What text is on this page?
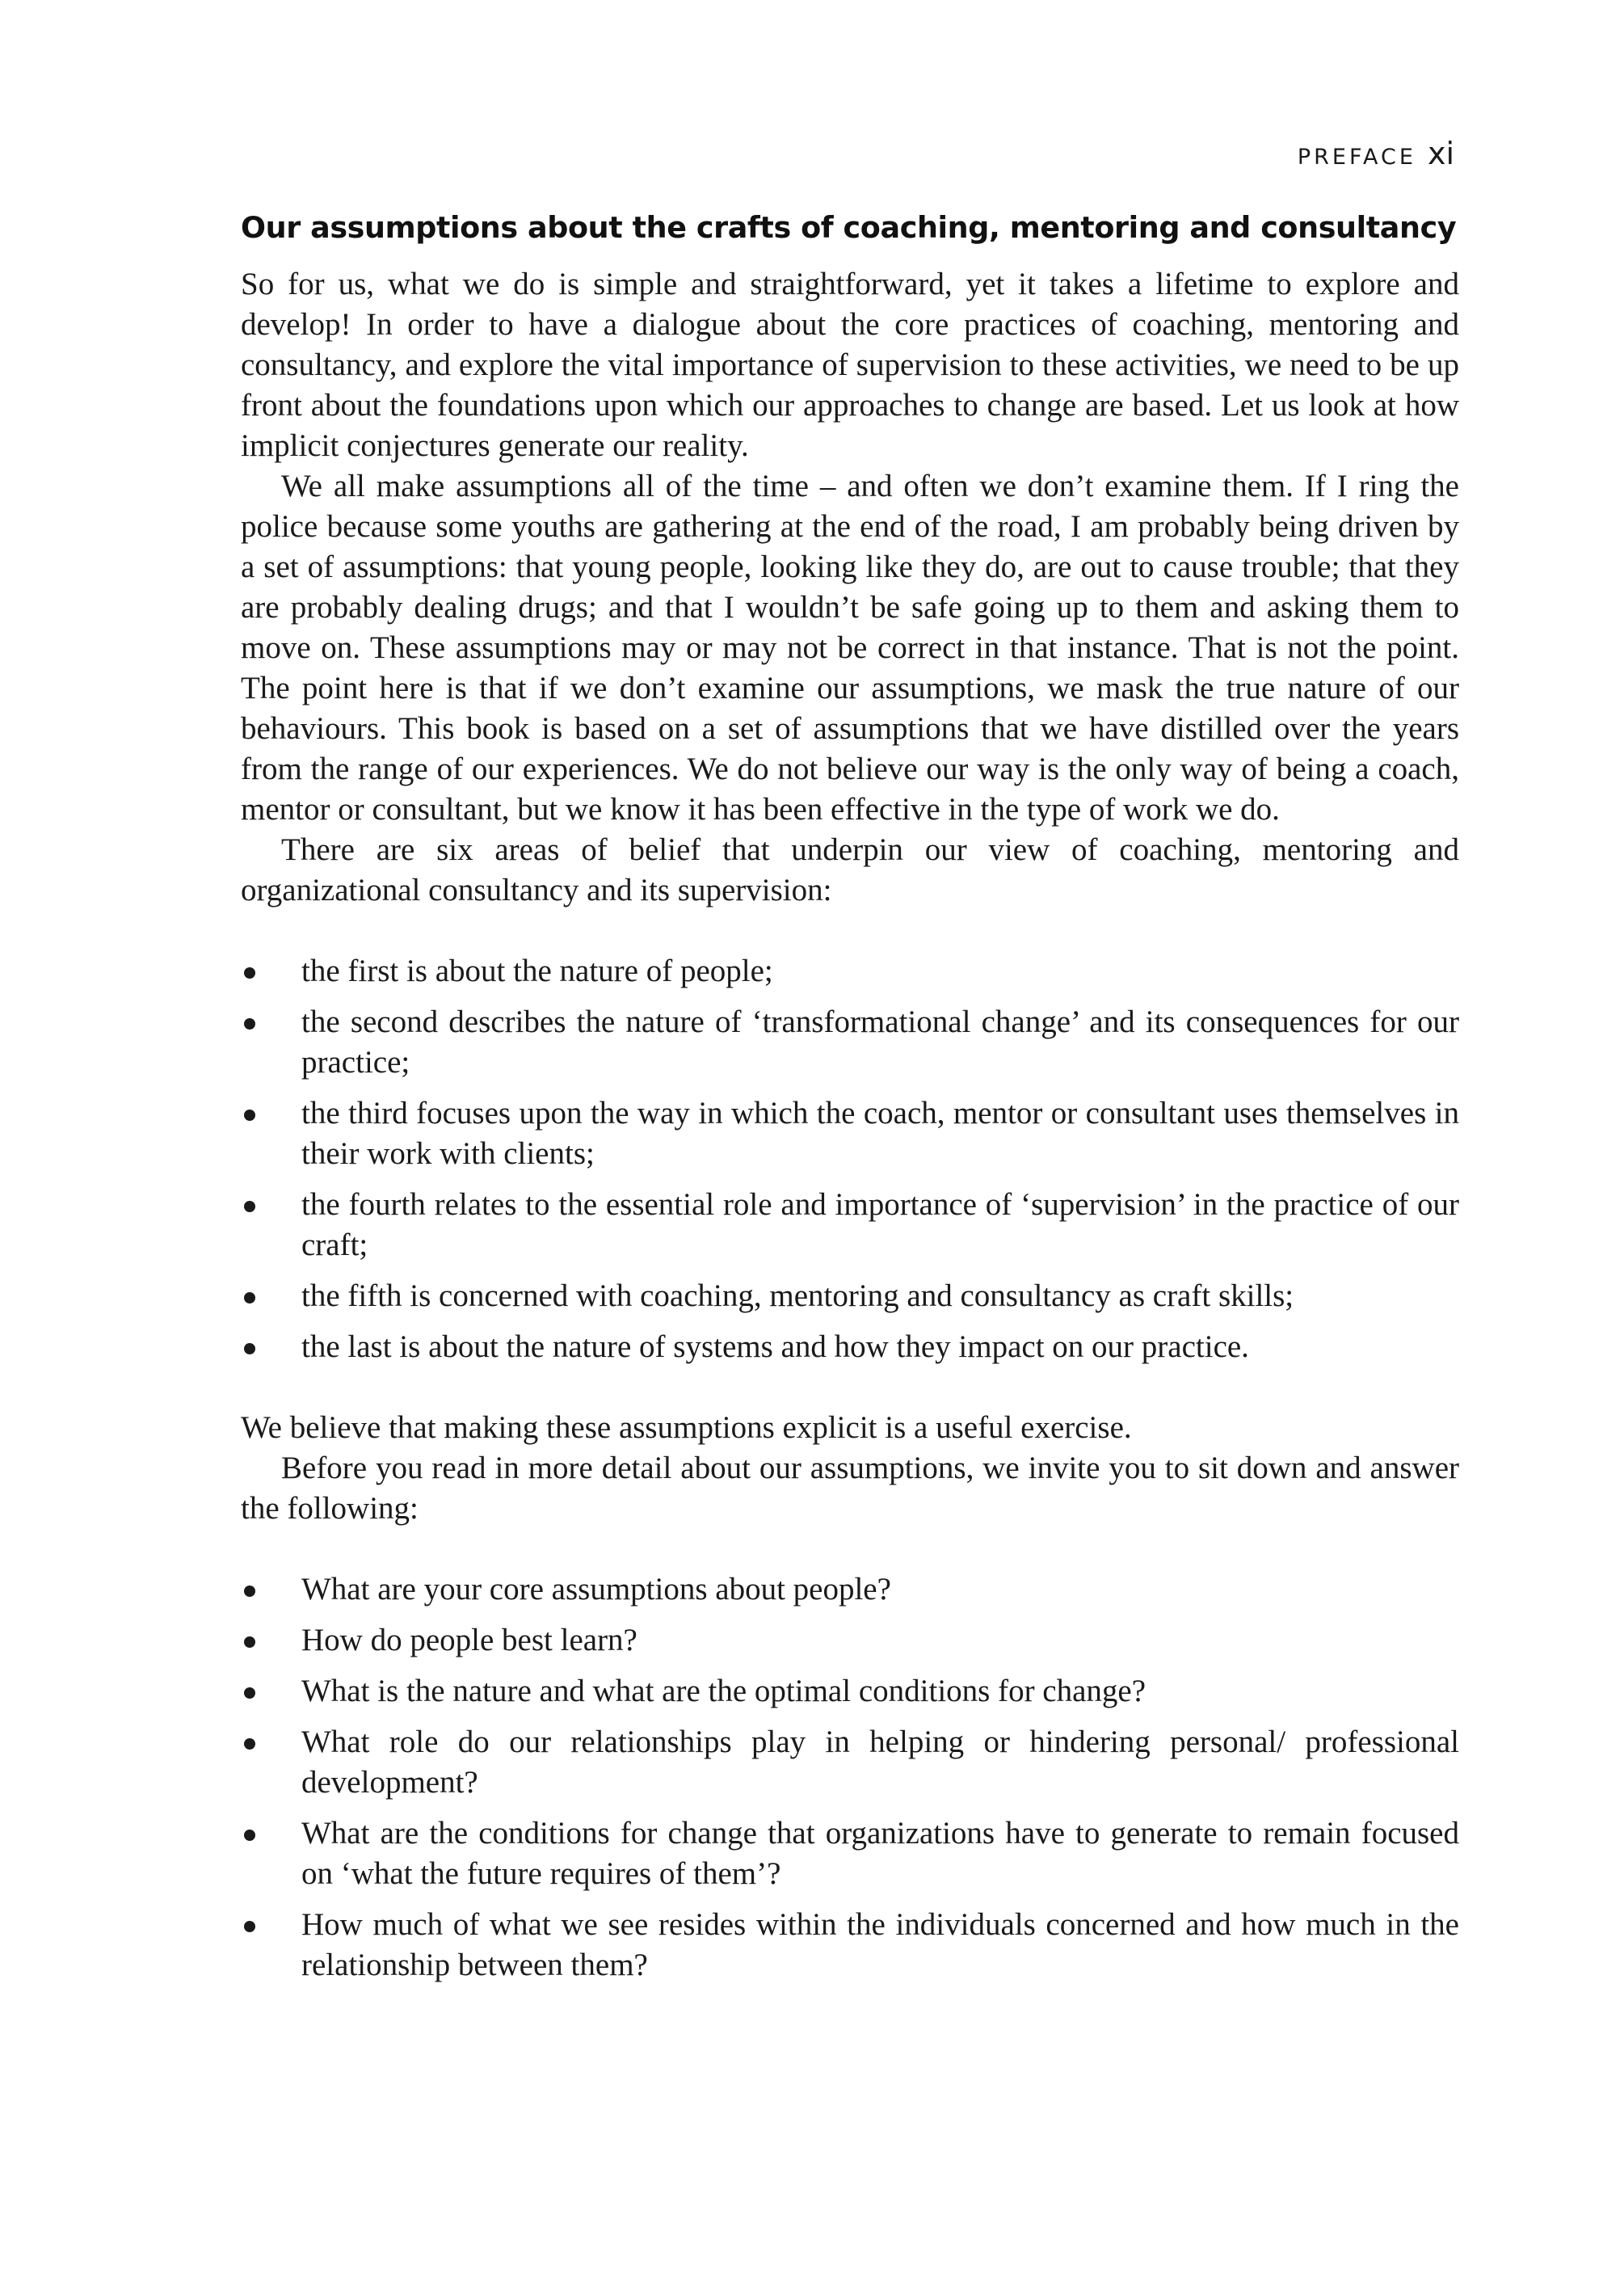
PREFACE xi
Our assumptions about the crafts of coaching, mentoring and consultancy

So for us, what we do is simple and straightforward, yet it takes a lifetime to explore and develop! In order to have a dialogue about the core practices of coaching, mentoring and consultancy, and explore the vital importance of supervision to these activities, we need to be up front about the foundations upon which our approaches to change are based. Let us look at how implicit conjectures generate our reality.

We all make assumptions all of the time – and often we don’t examine them. If I ring the police because some youths are gathering at the end of the road, I am probably being driven by a set of assumptions: that young people, looking like they do, are out to cause trouble; that they are probably dealing drugs; and that I wouldn’t be safe going up to them and asking them to move on. These assumptions may or may not be correct in that instance. That is not the point. The point here is that if we don’t examine our assumptions, we mask the true nature of our behaviours. This book is based on a set of assumptions that we have distilled over the years from the range of our experiences. We do not believe our way is the only way of being a coach, mentor or consultant, but we know it has been effective in the type of work we do.

There are six areas of belief that underpin our view of coaching, mentoring and organizational consultancy and its supervision:

the first is about the nature of people;
the second describes the nature of ‘transformational change’ and its consequences for our practice;
the third focuses upon the way in which the coach, mentor or consultant uses themselves in their work with clients;
the fourth relates to the essential role and importance of ‘supervision’ in the practice of our craft;
the fifth is concerned with coaching, mentoring and consultancy as craft skills;
the last is about the nature of systems and how they impact on our practice.

We believe that making these assumptions explicit is a useful exercise.

Before you read in more detail about our assumptions, we invite you to sit down and answer the following:

What are your core assumptions about people?
How do people best learn?
What is the nature and what are the optimal conditions for change?
What role do our relationships play in helping or hindering personal/ professional development?
What are the conditions for change that organizations have to generate to remain focused on ‘what the future requires of them’?
How much of what we see resides within the individuals concerned and how much in the relationship between them?
